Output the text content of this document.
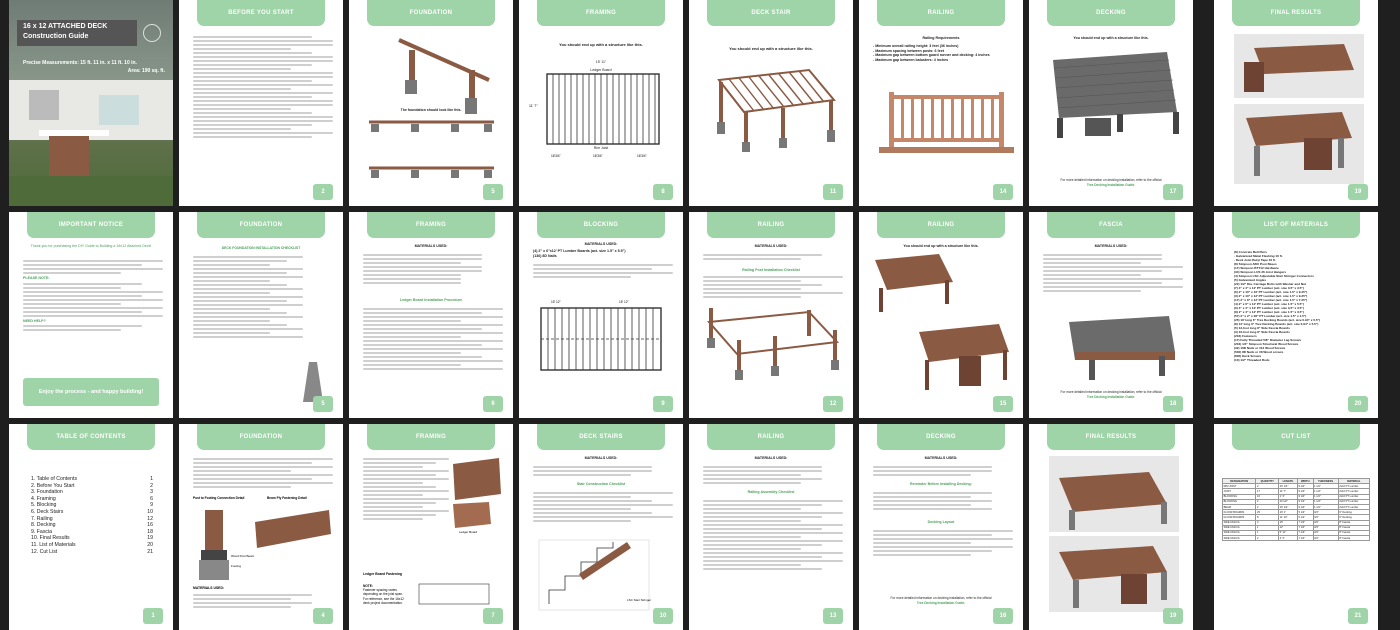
16 x 12 ATTACHED DECK
Construction Guide
Precise Measurements: 15 ft. 11 in. x 11 ft. 10 in.
Area: 190 sq. ft.
BEFORE YOU START
2
FOUNDATION
The foundation should look like this.
5
FRAMING
You should end up with a structure like this.
15' 11"
Ledger Board
11' 7"
Rim Joist
16'3/4"	16'3/4"	16'3/4"
8
DECK STAIR
You should end up with a structure like this.
11
RAILING
Railing Requirements
- Minimum overall railing height: 3 feet (36 inches)
- Maximum spacing between posts: 6 feet
- Maximum gap between bottom guard runner and decking: 4 inches
- Maximum gap between balusters: 4 inches
14
DECKING
You should end up with a structure like this.
For more detailed information on decking installation, refer to the official
Trex Decking Installation Guide.
17
FINAL RESULTS
19
IMPORTANT NOTICE
Thank you for purchasing the DIY Guide to Building a 16x12 Attached Deck!
PLEASE NOTE:
NEED HELP?
Enjoy the process - and happy building!
FOUNDATION
DECK FOUNDATION INSTALLATION CHECKLIST
5
FRAMING
MATERIALS USED:
Ledger Board Installation Procedure
6
BLOCKING
MATERIALS USED:
(4) 2" x 6"x12' PT Lumber Boards (act. size 1.5" x 5.5")
(136) 8D Nails
15' 12"	15' 12"
9
RAILING
MATERIALS USED:
Railing Post Installation Checklist
12
RAILING
You should end up with a structure like this.
15
FASCIA
MATERIALS USED:
For more detailed information on decking installation, refer to the official
Trex Decking Installation Guide.
18
LIST OF MATERIALS
(8) Concrete Bell Piers
- Galvanized Metal Flashing 16 ft.
- Deck Joist Butyl Tape 16 ft.
(8) Simpson ABU Post Bases
(17) Simpson BTT12 Hardware
(34) Simpson LUS 26 Joist Hangers
(4) Simpson LSC Adjustable Stair Stringer Connectors
(5) Galvanized Angles
(22) 1/2" Dia. Carriage Bolts with Washer and Nut
(7) 4" x 4" x 12' PT Lumber (act. size 3.5" x 3.5")
(6) 2" x 10" x 16' PT Lumber (act. size 1.5" x 9.25")
(3) 2" x 10" x 12' PT Lumber (act. size 1.5" x 9.25")
(17) 2" x 8" x 12' PT Lumber (act. size 1.5" x 7.25")
(4) 2" x 6" x 12' PT Lumber (act. size 1.5" x 5.5")
(6) 4" x 4" x 12' PT Lumber (act. size 3.5" x 3.5")
(8) 2" x 4" x 12' PT Lumber (act. size 1.5" x 3.5")
(57) 2" x 2" x 36" PT Lumber (act. size 1.5" x 1.5")
(25) 16' long 6" Trex Decking Boards (act. size 0.94" x 5.5")
(8) 12' long 6" Trex Decking Boards (act. size 0.94" x 5.5")
(5) 12-foot long 8" Side Fascia Boards
(3) 16-foot long 8" Side Fascia Boards
(204) Fasteners
(17) Fully Threaded 5/8" Diameter Lag Screws
(204) 1/4" Simpson Structural Wood Screws
(32) 16D Nails or #12 Wood Screws
(530) 8D Nails or #8 Wood screws
(800) Deck Screws
(10) 1/2" Threaded Rods
20
TABLE OF CONTENTS
1. Table of Contents	1
2. Before You Start	2
3. Foundation	3
4. Framing	6
5. Blocking	9
6. Deck Stairs	10
7. Railing	12
8. Decking	16
9. Fascia	18
10. Final Results	19
11. List of Materials	20
12. Cut List	21
1
FOUNDATION
Post to Footing Connection Detail	Beam Ply Fastening Detail
Footing
Wood Post Beam
MATERIALS USED:
4
FRAMING
Ledger Board
Ledger Board Fastening
NOTE:
Fastener spacing varies
depending on the joist span.
For reference, see the 16x12
deck project documentation.
7
DECK STAIRS
MATERIALS USED:
Stair Construction Checklist
LSC Stair Stringer
10
RAILING
MATERIALS USED:
Railing Assembly Checklist
13
DECKING
MATERIALS USED:
Reminder Before Installing Decking:
Decking Layout
For more detailed information on decking installation, refer to the official
Trex Decking Installation Guide.
16
FINAL RESULTS
19
CUT LIST
DESIGNATION	QUANTITY	LENGTH	WIDTH	THICKNESS	MATERIAL
RIM JOIST	2	16' 1/4"	9 1/4"	1 1/2"	2x10 PT Lumber
JOIST	17	11' 7"	9 1/4"	1 1/2"	2x10 PT Lumber
BLOCKING	16	1' 3"	9 1/4"	1 1/2"	2x10 PT Lumber
BLOCKING	2	10 1/2"	9 1/4"	1 1/2"	2x10 PT Lumber
BEAM	2	16' 1/4"	9 1/4"	1 1/2"	2x10 PT Lumber
FLOOR BOARDS	25	16' 1"	5 1/2"	3/4"	6" Decking
FLOOR BOARDS	8	11' 10"	5 1/2"	3/4"	6" Decking
SIDE FASCIA	3	16'	7 1/4"	3/4"	8" Fascia
SIDE FASCIA	1	12'	7 1/4"	3/4"	8" Fascia
SIDE FASCIA	1	5' 11"	7 1/4"	3/4"	8" Fascia
SIDE FASCIA	2	4' 3"	7 1/4"	3/4"	8" Fascia
21
